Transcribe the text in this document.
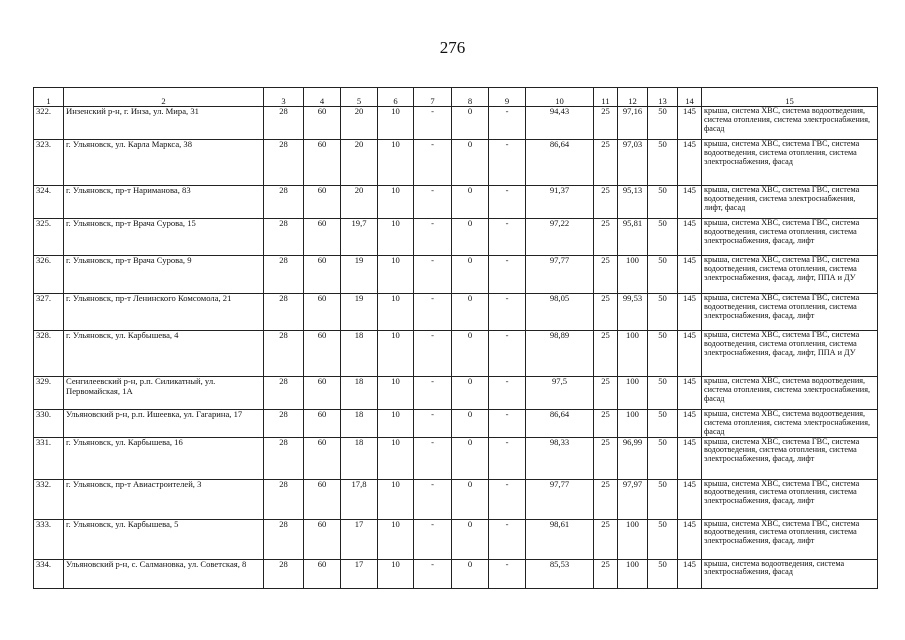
276
1	2	3	4	5	6	7	8	9	10	11	12	13	14	15
322.	Инзенский р-н, г. Инза, ул. Мира, 31	28	60	20	10	-	0	-	94,43	25	97,16	50	145	крыша, система ХВС, система водоотведения, система отопления, система электроснабжения, фасад
323.	г. Ульяновск, ул. Карла Маркса, 38	28	60	20	10	-	0	-	86,64	25	97,03	50	145	крыша, система ХВС, система ГВС, система водоотведения, система отопления, система электроснабжения, фасад
324.	г. Ульяновск, пр-т Нариманова, 83	28	60	20	10	-	0	-	91,37	25	95,13	50	145	крыша, система ХВС, система ГВС, система водоотведения, система электроснабжения, лифт, фасад
325.	г. Ульяновск, пр-т Врача Сурова, 15	28	60	19,7	10	-	0	-	97,22	25	95,81	50	145	крыша, система ХВС, система ГВС, система водоотведения, система отопления, система электроснабжения, фасад, лифт
326.	г. Ульяновск, пр-т Врача Сурова, 9	28	60	19	10	-	0	-	97,77	25	100	50	145	крыша, система ХВС, система ГВС, система водоотведения, система отопления, система электроснабжения, фасад, лифт, ППА и ДУ
327.	г. Ульяновск, пр-т Ленинского Комсомола, 21	28	60	19	10	-	0	-	98,05	25	99,53	50	145	крыша, система ХВС, система ГВС, система водоотведения, система отопления, система электроснабжения, фасад, лифт
328.	г. Ульяновск, ул. Карбышева, 4	28	60	18	10	-	0	-	98,89	25	100	50	145	крыша, система ХВС, система ГВС, система водоотведения, система отопления, система электроснабжения, фасад, лифт, ППА и ДУ
329.	Сенгилеевский р-н, р.п. Силикатный, ул. Первомайская, 1А	28	60	18	10	-	0	-	97,5	25	100	50	145	крыша, система ХВС, система водоотведения, система отопления, система электроснабжения, фасад
330.	Ульяновский р-н, р.п. Ишеевка, ул. Гагарина, 17	28	60	18	10	-	0	-	86,64	25	100	50	145	крыша, система ХВС, система водоотведения, система отопления, система электроснабжения, фасад
331.	г. Ульяновск, ул. Карбышева, 16	28	60	18	10	-	0	-	98,33	25	96,99	50	145	крыша, система ХВС, система ГВС, система водоотведения, система отопления, система электроснабжения, фасад, лифт
332.	г. Ульяновск, пр-т Авиастроителей, 3	28	60	17,8	10	-	0	-	97,77	25	97,97	50	145	крыша, система ХВС, система ГВС, система водоотведения, система отопления, система электроснабжения, фасад, лифт
333.	г. Ульяновск, ул. Карбышева, 5	28	60	17	10	-	0	-	98,61	25	100	50	145	крыша, система ХВС, система ГВС, система водоотведения, система отопления, система электроснабжения, фасад, лифт
334.	Ульяновский р-н, с. Салмановка, ул. Советская, 8	28	60	17	10	-	0	-	85,53	25	100	50	145	крыша, система водоотведения, система электроснабжения, фасад
